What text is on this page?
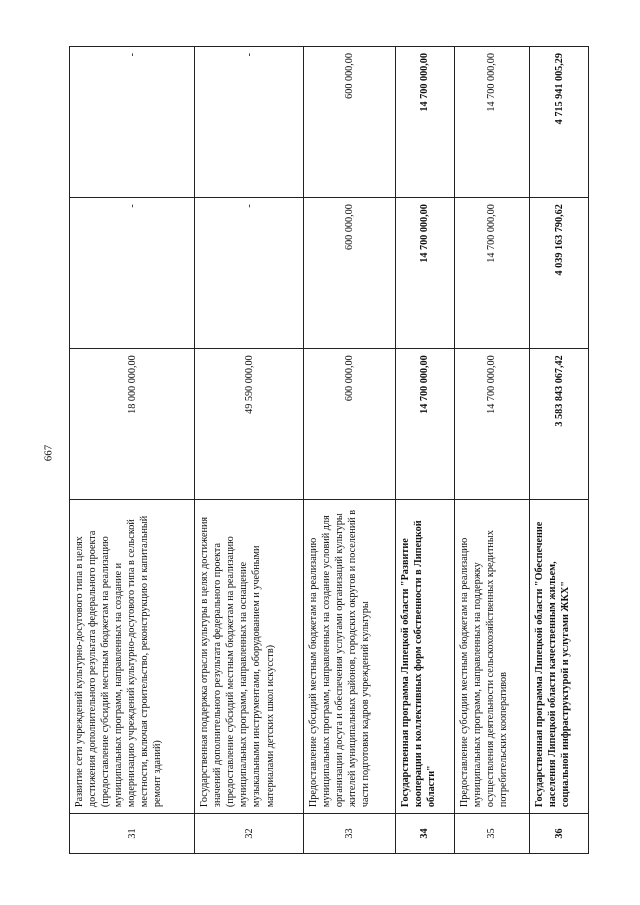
667
31	Развитие сети учреждений культурно-досугового типа в целях достижения дополнительного результата федерального проекта (предоставление субсидий местным бюджетам на реализацию муниципальных программ, направленных на создание и модернизацию учреждений культурно-досугового типа в сельской местности, включая строительство, реконструкцию и капитальный ремонт зданий)	18 000 000,00	-	-
32	Государственная поддержка отрасли культуры в целях достижения значений дополнительного результата федерального проекта (предоставление субсидий местным бюджетам на реализацию муниципальных программ, направленных на оснащение музыкальными инструментами, оборудованием и учебными материалами детских школ искусств)	49 590 000,00	-	-
33	Предоставление субсидий местным бюджетам на реализацию муниципальных программ, направленных на создание условий для организации досуга и обеспечения услугами организаций культуры жителей муниципальных районов, городских округов и поселений в части подготовки кадров учреждений культуры	600 000,00	600 000,00	600 000,00
34	Государственная программа Липецкой области "Развитие кооперации и коллективных форм собственности в Липецкой области"	14 700 000,00	14 700 000,00	14 700 000,00
35	Предоставление субсидии местным бюджетам на реализацию муниципальных программ, направленных на поддержку осуществления деятельности сельскохозяйственных кредитных потребительских кооперативов	14 700 000,00	14 700 000,00	14 700 000,00
36	Государственная программа Липецкой области "Обеспечение населения Липецкой области качественным жильем, социальной инфраструктурой и услугами ЖКХ"	3 583 843 067,42	4 039 163 790,62	4 715 941 005,29
